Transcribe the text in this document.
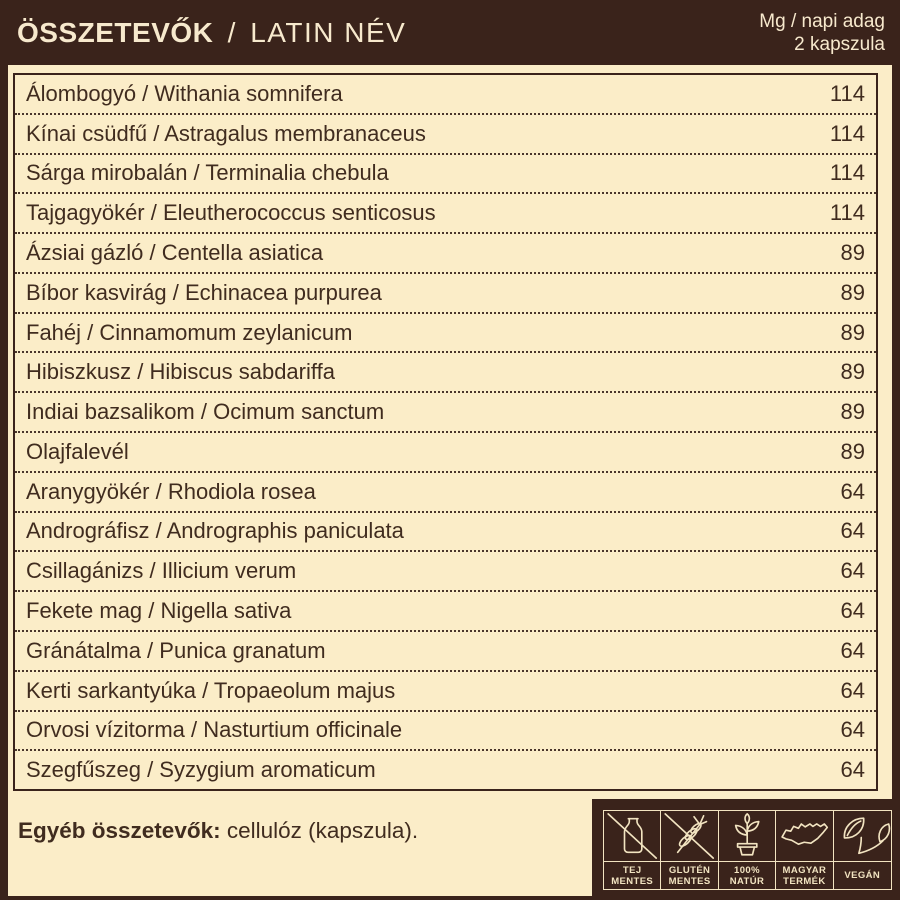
ÖSSZETEVŐK / LATIN NÉV	Mg / napi adag
2 kapszula
Álombogyó / Withania somnifera	114
Kínai csüdfű / Astragalus membranaceus	114
Sárga mirobalán / Terminalia chebula	114
Tajgagyökér / Eleutherococcus senticosus	114
Ázsiai gázló / Centella asiatica	89
Bíbor kasvirág / Echinacea purpurea	89
Fahéj / Cinnamomum zeylanicum	89
Hibiszkusz / Hibiscus sabdariffa	89
Indiai bazsalikom / Ocimum sanctum	89
Olajfalevél	89
Aranygyökér / Rhodiola rosea	64
Andrográfisz / Andrographis paniculata	64
Csillagánizs / Illicium verum	64
Fekete mag / Nigella sativa	64
Gránátalma / Punica granatum	64
Kerti sarkantyúka / Tropaeolum majus	64
Orvosi vízitorma / Nasturtium officinale	64
Szegfűszeg / Syzygium aromaticum	64
Egyéb összetevők: cellulóz (kapszula).
TEJ
MENTES
GLUTÉN
MENTES
100%
NATÚR
MAGYAR
TERMÉK VEGÁN
